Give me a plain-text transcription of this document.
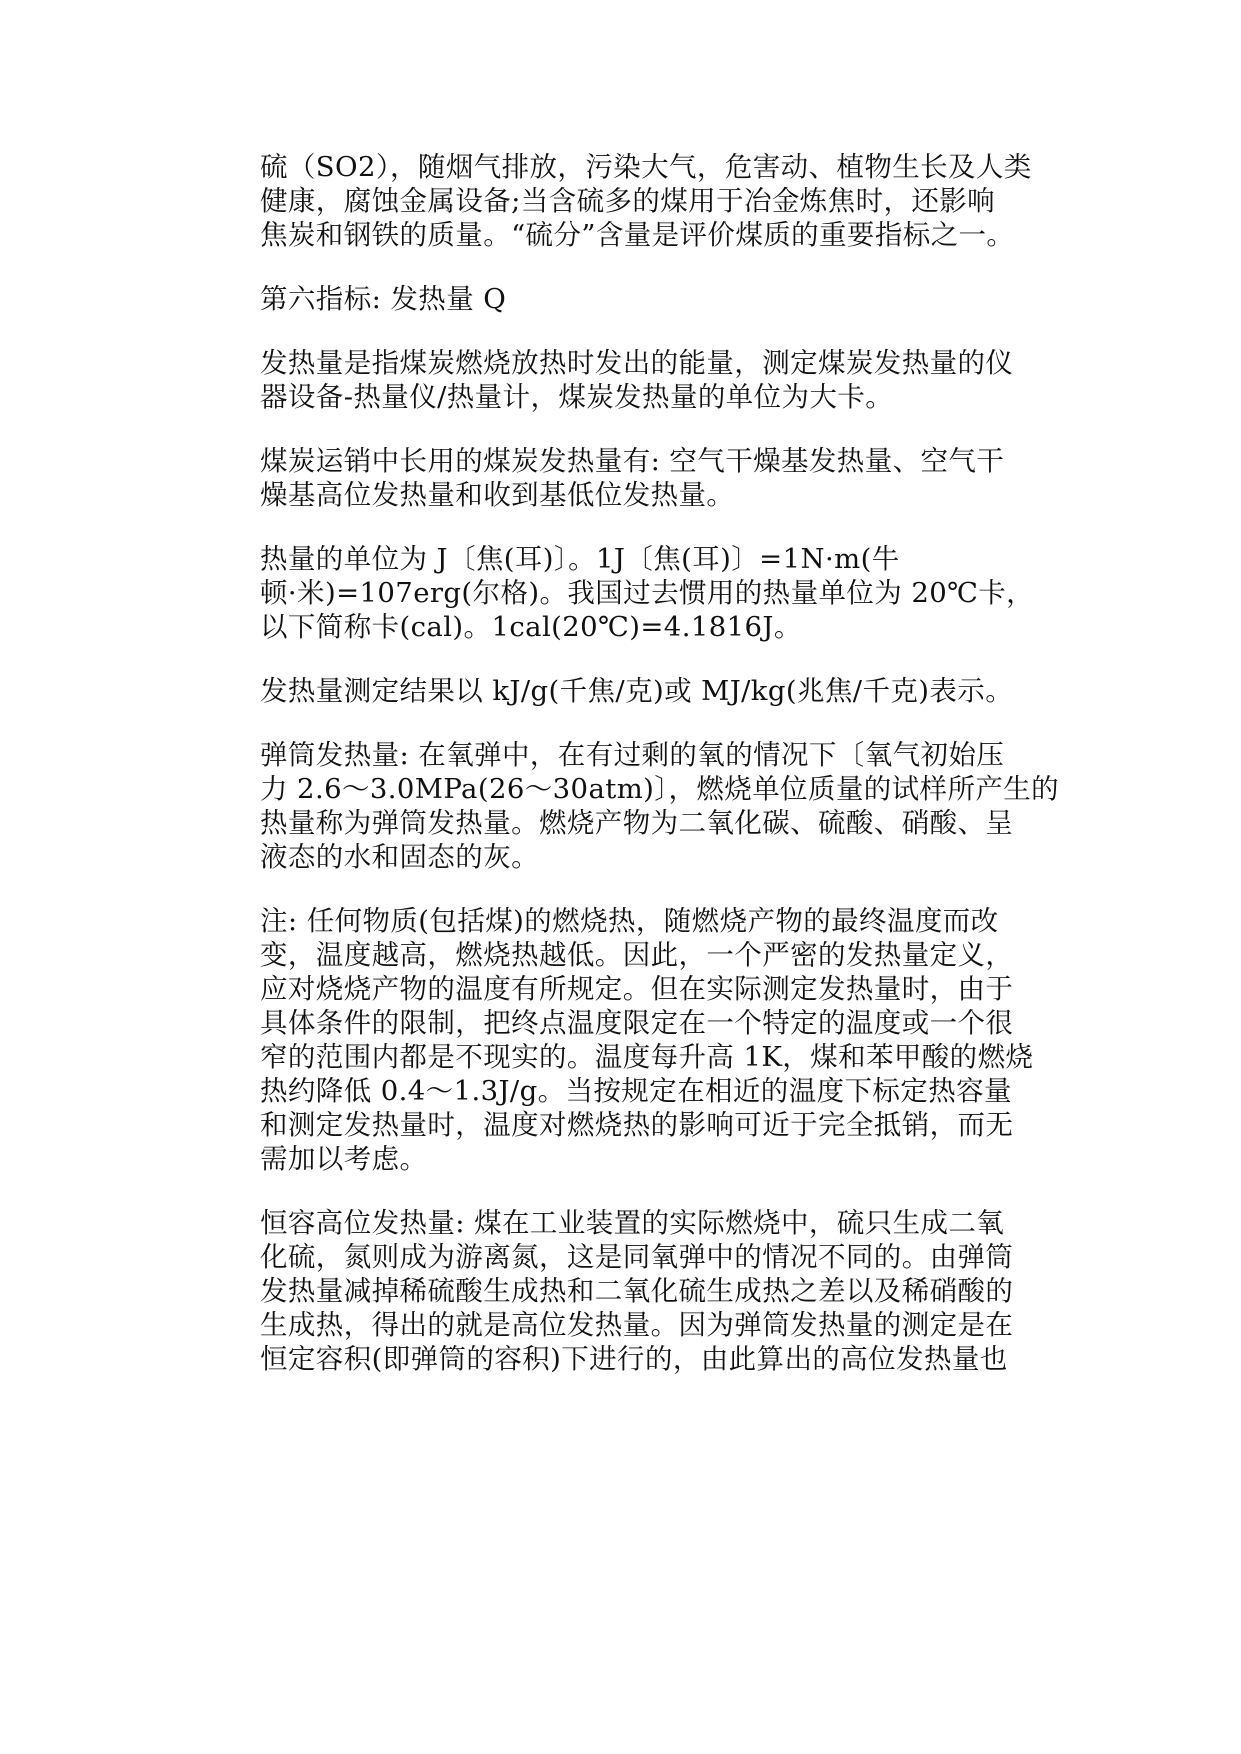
硫（SO2），随烟气排放，污染大气，危害动、植物生长及人类
健康，腐蚀金属设备;当含硫多的煤用于冶金炼焦时，还影响
焦炭和钢铁的质量。“硫分”含量是评价煤质的重要指标之一。

第六指标: 发热量 Q

发热量是指煤炭燃烧放热时发出的能量，测定煤炭发热量的仪
器设备-热量仪/热量计，煤炭发热量的单位为大卡。

煤炭运销中长用的煤炭发热量有: 空气干燥基发热量、空气干
燥基高位发热量和收到基低位发热量。

热量的单位为 J〔焦(耳)〕。1J〔焦(耳)〕=1N·m(牛
顿·米)=107erg(尔格)。我国过去惯用的热量单位为 20℃卡，
以下简称卡(cal)。1cal(20℃)=4.1816J。

发热量测定结果以 kJ/g(千焦/克)或 MJ/kg(兆焦/千克)表示。

弹筒发热量: 在氧弹中，在有过剩的氧的情况下〔氧气初始压
力 2.6～3.0MPa(26～30atm)〕，燃烧单位质量的试样所产生的
热量称为弹筒发热量。燃烧产物为二氧化碳、硫酸、硝酸、呈
液态的水和固态的灰。

注: 任何物质(包括煤)的燃烧热，随燃烧产物的最终温度而改
变，温度越高，燃烧热越低。因此，一个严密的发热量定义，
应对烧烧产物的温度有所规定。但在实际测定发热量时，由于
具体条件的限制，把终点温度限定在一个特定的温度或一个很
窄的范围内都是不现实的。温度每升高 1K，煤和苯甲酸的燃烧
热约降低 0.4～1.3J/g。当按规定在相近的温度下标定热容量
和测定发热量时，温度对燃烧热的影响可近于完全抵销，而无
需加以考虑。

恒容高位发热量: 煤在工业装置的实际燃烧中，硫只生成二氧
化硫，氮则成为游离氮，这是同氧弹中的情况不同的。由弹筒
发热量减掉稀硫酸生成热和二氧化硫生成热之差以及稀硝酸的
生成热，得出的就是高位发热量。因为弹筒发热量的测定是在
恒定容积(即弹筒的容积)下进行的，由此算出的高位发热量也
